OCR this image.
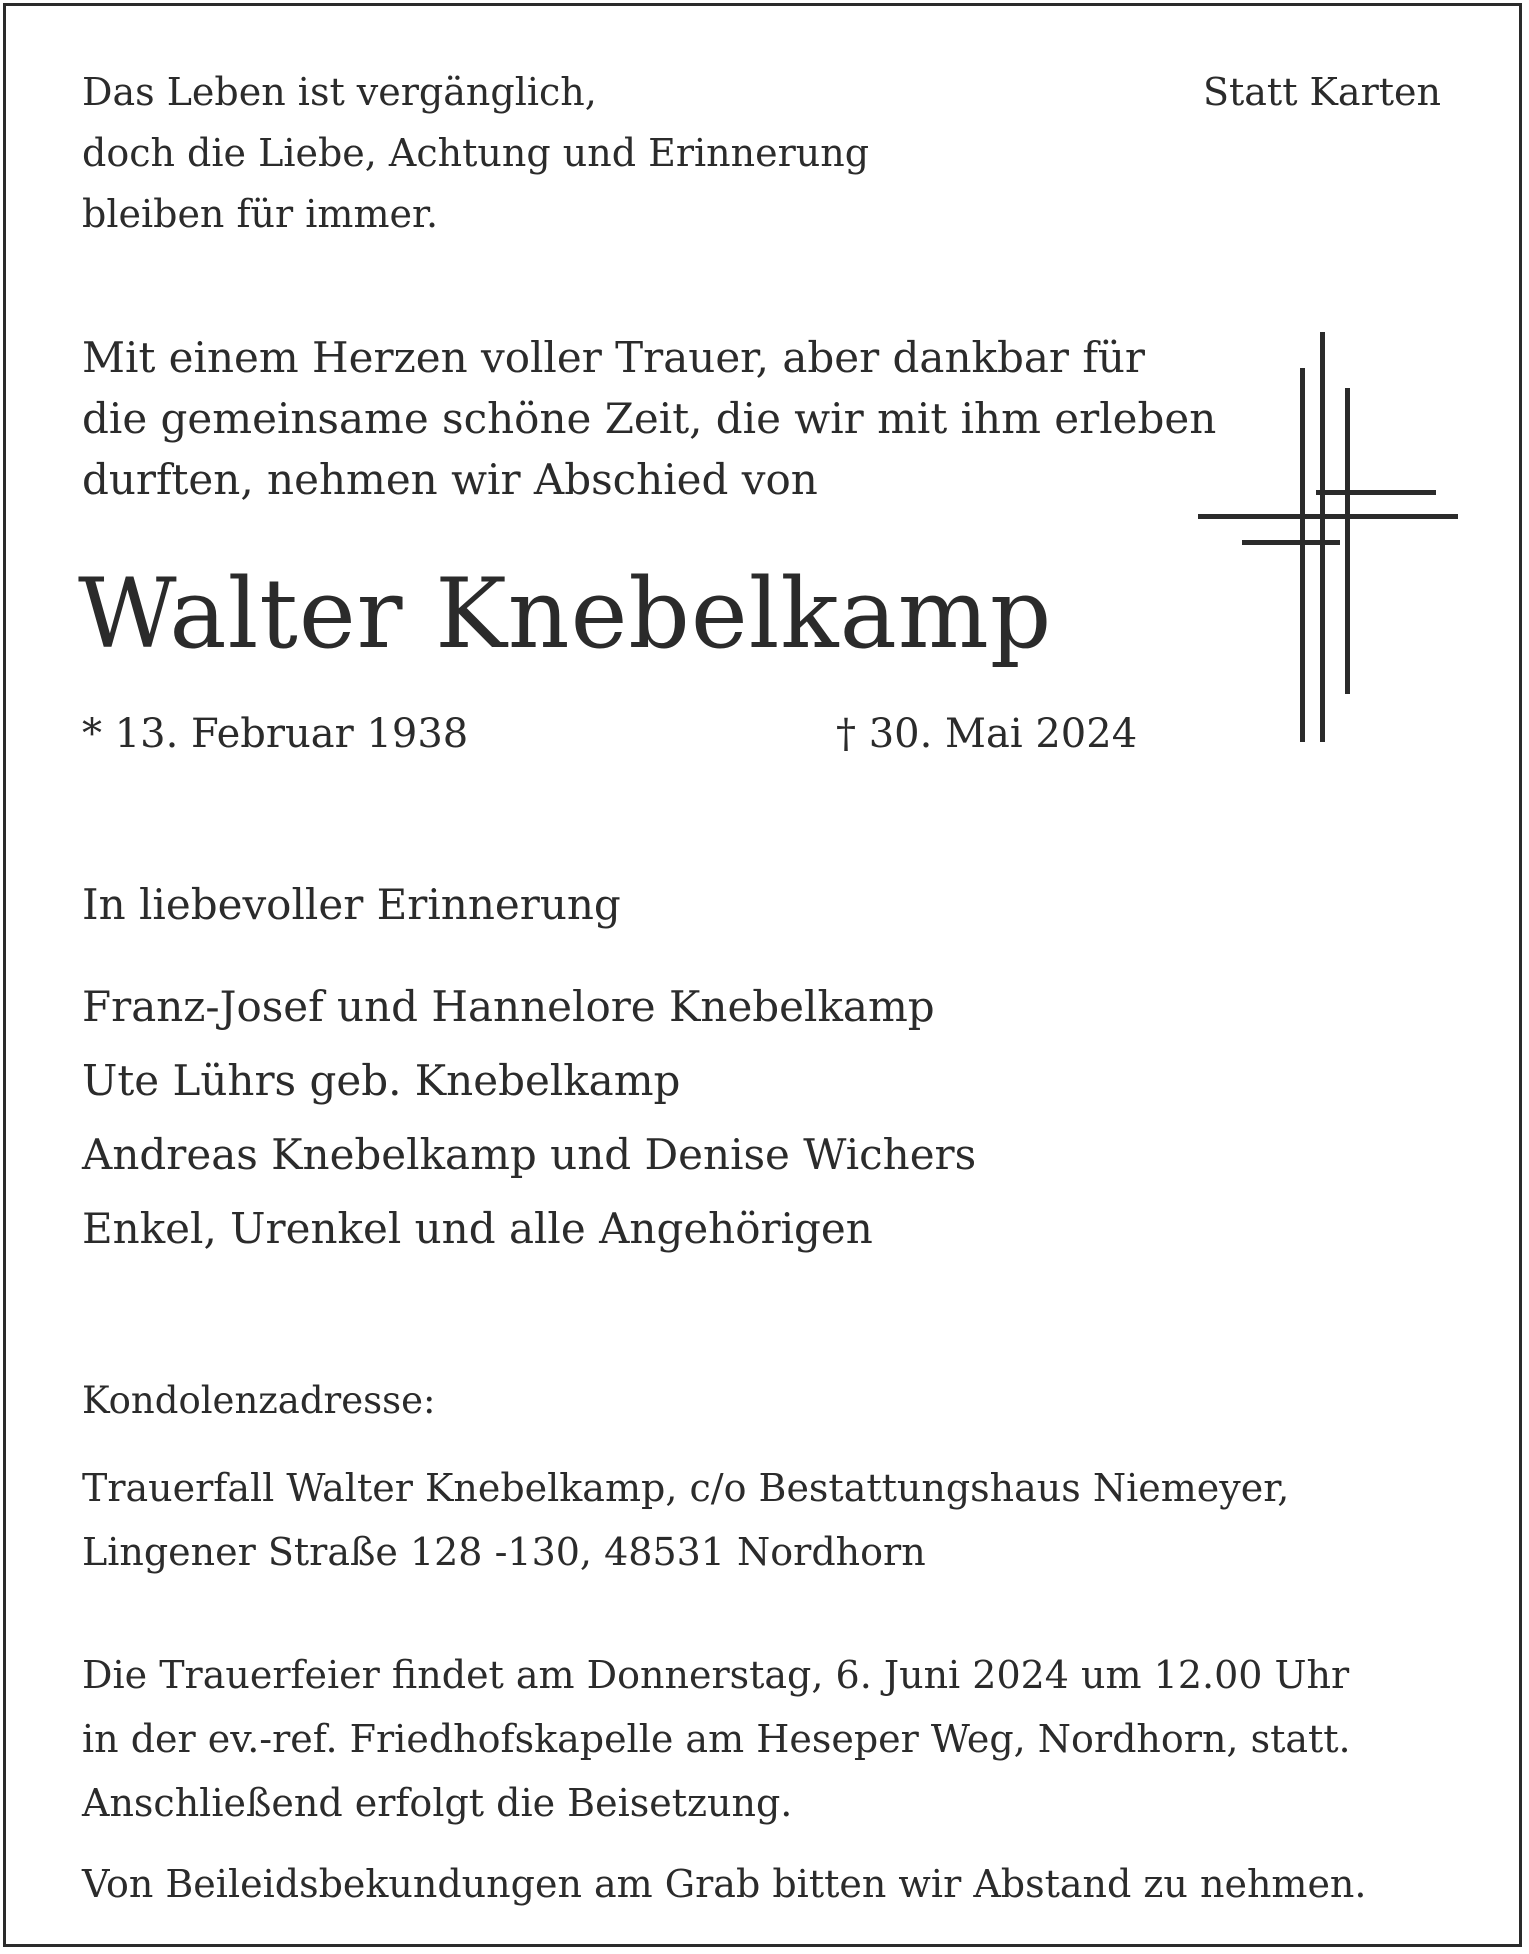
Das Leben ist vergänglich,
doch die Liebe, Achtung und Erinnerung
bleiben für immer.
Statt Karten
Mit einem Herzen voller Trauer, aber dankbar für
die gemeinsame schöne Zeit, die wir mit ihm erleben
durften, nehmen wir Abschied von
Walter Knebelkamp
* 13. Februar 1938	† 30. Mai 2024
In liebevoller Erinnerung
Franz-Josef und Hannelore Knebelkamp
Ute Lührs geb. Knebelkamp
Andreas Knebelkamp und Denise Wichers
Enkel, Urenkel und alle Angehörigen
Kondolenzadresse:
Trauerfall Walter Knebelkamp, c/o Bestattungshaus Niemeyer,
Lingener Straße 128 -130, 48531 Nordhorn
Die Trauerfeier findet am Donnerstag, 6. Juni 2024 um 12.00 Uhr
in der ev.-ref. Friedhofskapelle am Heseper Weg, Nordhorn, statt.
Anschließend erfolgt die Beisetzung.
Von Beileidsbekundungen am Grab bitten wir Abstand zu nehmen.
